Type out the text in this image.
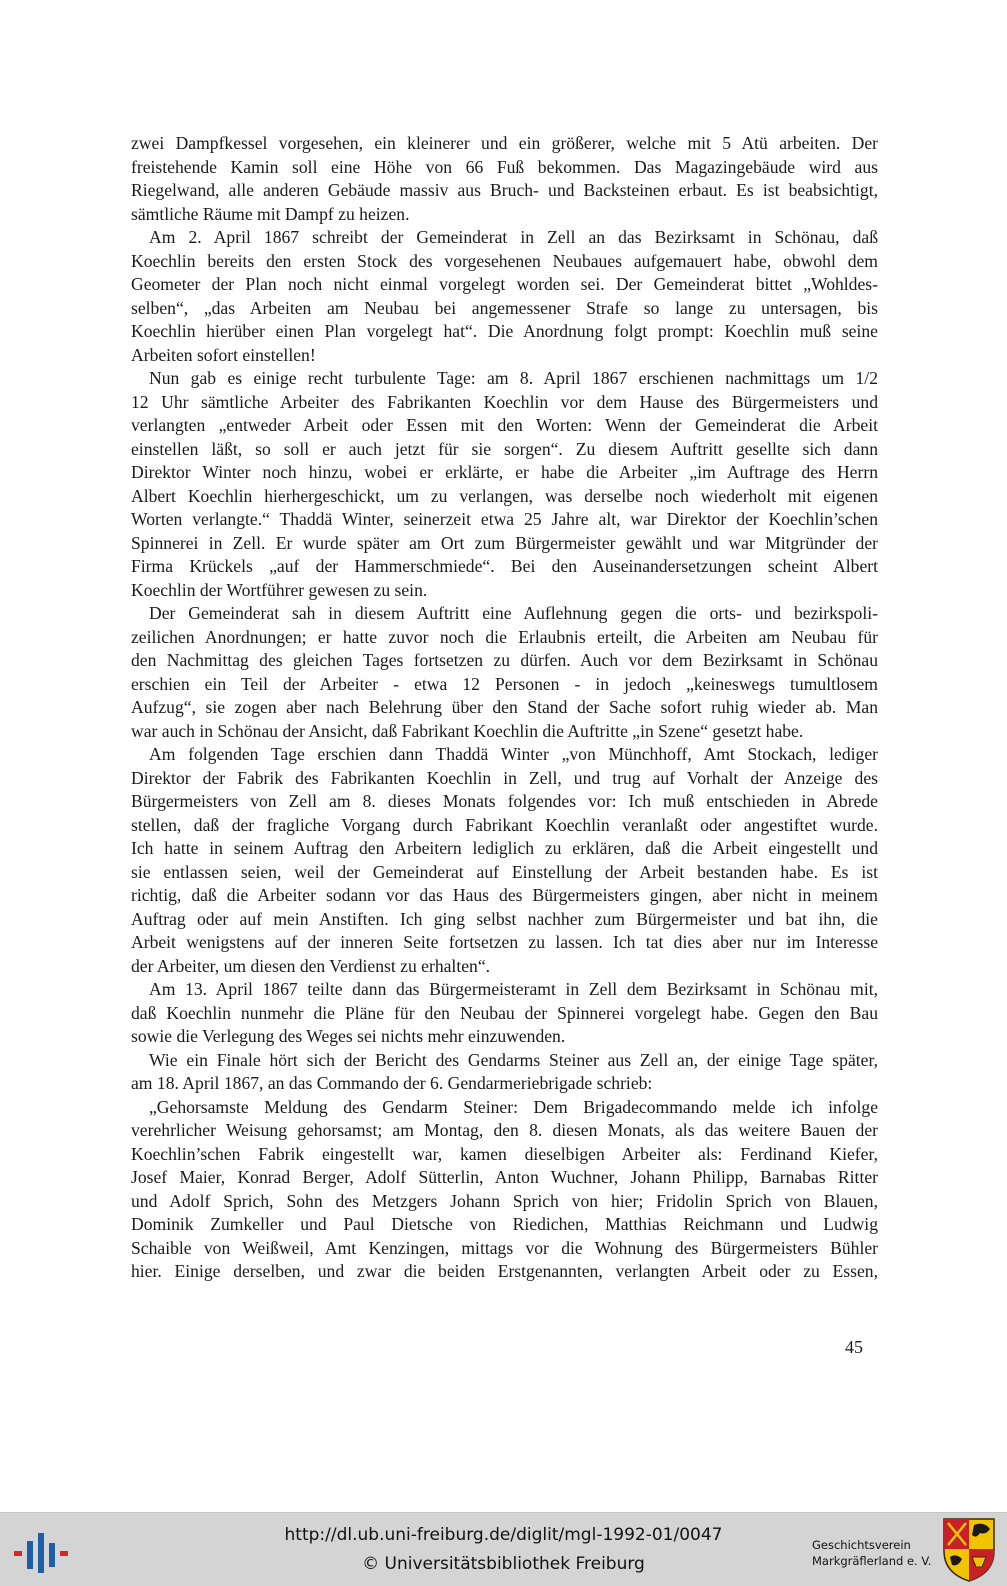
zwei Dampfkessel vorgesehen, ein kleinerer und ein größerer, welche mit 5 Atü arbeiten. Der
freistehende Kamin soll eine Höhe von 66 Fuß bekommen. Das Magazingebäude wird aus
Riegelwand, alle anderen Gebäude massiv aus Bruch- und Backsteinen erbaut. Es ist beabsichtigt,
sämtliche Räume mit Dampf zu heizen.
Am 2. April 1867 schreibt der Gemeinderat in Zell an das Bezirksamt in Schönau, daß
Koechlin bereits den ersten Stock des vorgesehenen Neubaues aufgemauert habe, obwohl dem
Geometer der Plan noch nicht einmal vorgelegt worden sei. Der Gemeinderat bittet „Wohldes-
selben“, „das Arbeiten am Neubau bei angemessener Strafe so lange zu untersagen, bis
Koechlin hierüber einen Plan vorgelegt hat“. Die Anordnung folgt prompt: Koechlin muß seine
Arbeiten sofort einstellen!
Nun gab es einige recht turbulente Tage: am 8. April 1867 erschienen nachmittags um 1/2
12 Uhr sämtliche Arbeiter des Fabrikanten Koechlin vor dem Hause des Bürgermeisters und
verlangten „entweder Arbeit oder Essen mit den Worten: Wenn der Gemeinderat die Arbeit
einstellen läßt, so soll er auch jetzt für sie sorgen“. Zu diesem Auftritt gesellte sich dann
Direktor Winter noch hinzu, wobei er erklärte, er habe die Arbeiter „im Auftrage des Herrn
Albert Koechlin hierhergeschickt, um zu verlangen, was derselbe noch wiederholt mit eigenen
Worten verlangte.“ Thaddä Winter, seinerzeit etwa 25 Jahre alt, war Direktor der Koechlin’schen
Spinnerei in Zell. Er wurde später am Ort zum Bürgermeister gewählt und war Mitgründer der
Firma Krückels „auf der Hammerschmiede“. Bei den Auseinandersetzungen scheint Albert
Koechlin der Wortführer gewesen zu sein.
Der Gemeinderat sah in diesem Auftritt eine Auflehnung gegen die orts- und bezirkspoli-
zeilichen Anordnungen; er hatte zuvor noch die Erlaubnis erteilt, die Arbeiten am Neubau für
den Nachmittag des gleichen Tages fortsetzen zu dürfen. Auch vor dem Bezirksamt in Schönau
erschien ein Teil der Arbeiter - etwa 12 Personen - in jedoch „keineswegs tumultlosem
Aufzug“, sie zogen aber nach Belehrung über den Stand der Sache sofort ruhig wieder ab. Man
war auch in Schönau der Ansicht, daß Fabrikant Koechlin die Auftritte „in Szene“ gesetzt habe.
Am folgenden Tage erschien dann Thaddä Winter „von Münchhoff, Amt Stockach, lediger
Direktor der Fabrik des Fabrikanten Koechlin in Zell, und trug auf Vorhalt der Anzeige des
Bürgermeisters von Zell am 8. dieses Monats folgendes vor: Ich muß entschieden in Abrede
stellen, daß der fragliche Vorgang durch Fabrikant Koechlin veranlaßt oder angestiftet wurde.
Ich hatte in seinem Auftrag den Arbeitern lediglich zu erklären, daß die Arbeit eingestellt und
sie entlassen seien, weil der Gemeinderat auf Einstellung der Arbeit bestanden habe. Es ist
richtig, daß die Arbeiter sodann vor das Haus des Bürgermeisters gingen, aber nicht in meinem
Auftrag oder auf mein Anstiften. Ich ging selbst nachher zum Bürgermeister und bat ihn, die
Arbeit wenigstens auf der inneren Seite fortsetzen zu lassen. Ich tat dies aber nur im Interesse
der Arbeiter, um diesen den Verdienst zu erhalten“.
Am 13. April 1867 teilte dann das Bürgermeisteramt in Zell dem Bezirksamt in Schönau mit,
daß Koechlin nunmehr die Pläne für den Neubau der Spinnerei vorgelegt habe. Gegen den Bau
sowie die Verlegung des Weges sei nichts mehr einzuwenden.
Wie ein Finale hört sich der Bericht des Gendarms Steiner aus Zell an, der einige Tage später,
am 18. April 1867, an das Commando der 6. Gendarmeriebrigade schrieb:
„Gehorsamste Meldung des Gendarm Steiner: Dem Brigadecommando melde ich infolge
verehrlicher Weisung gehorsamst; am Montag, den 8. diesen Monats, als das weitere Bauen der
Koechlin’schen Fabrik eingestellt war, kamen dieselbigen Arbeiter als: Ferdinand Kiefer,
Josef Maier, Konrad Berger, Adolf Sütterlin, Anton Wuchner, Johann Philipp, Barnabas Ritter
und Adolf Sprich, Sohn des Metzgers Johann Sprich von hier; Fridolin Sprich von Blauen,
Dominik Zumkeller und Paul Dietsche von Riedichen, Matthias Reichmann und Ludwig
Schaible von Weißweil, Amt Kenzingen, mittags vor die Wohnung des Bürgermeisters Bühler
hier. Einige derselben, und zwar die beiden Erstgenannten, verlangten Arbeit oder zu Essen,
45
http://dl.ub.uni-freiburg.de/diglit/mgl-1992-01/0047
© Universitätsbibliothek Freiburg
Geschichtsverein
Markgräflerland e. V.
